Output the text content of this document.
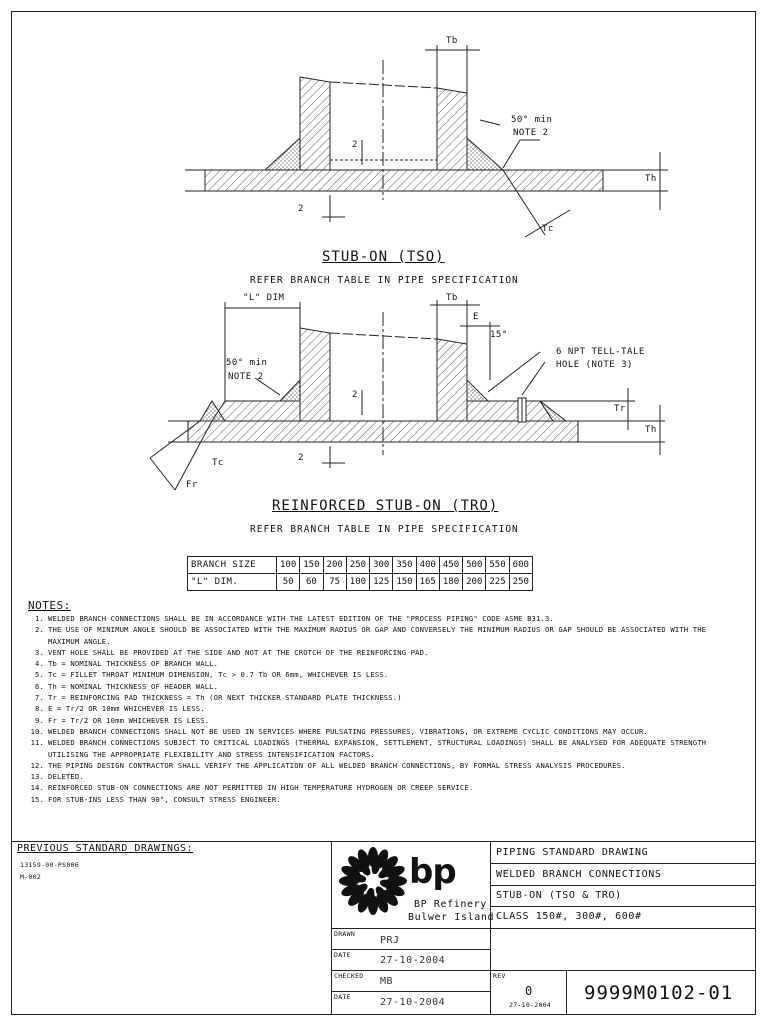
Tb
50° min
NOTE 2
2
2
Th
Tc
STUB-ON (TSO)
REFER BRANCH TABLE IN PIPE SPECIFICATION
"L" DIM	Tb
E
15°
6 NPT TELL-TALE
HOLE (NOTE 3)
50° min
NOTE 2
2
2
Tr
Th
Tc
Fr
REINFORCED STUB-ON (TRO)
REFER BRANCH TABLE IN PIPE SPECIFICATION
BRANCH SIZE	100	150	200	250	300	350	400	450	500	550	600
"L" DIM.	50	60	75	100	125	150	165	180	200	225	250
NOTES:
1. WELDED BRANCH CONNECTIONS SHALL BE IN ACCORDANCE WITH THE LATEST EDITION OF THE "PROCESS PIPING" CODE ASME B31.3.
2. THE USE OF MINIMUM ANGLE SHOULD BE ASSOCIATED WITH THE MAXIMUM RADIUS OR GAP AND CONVERSELY THE MINIMUM RADIUS OR GAP SHOULD BE ASSOCIATED WITH THE MAXIMUM ANGLE.
3. VENT HOLE SHALL BE PROVIDED AT THE SIDE AND NOT AT THE CROTCH OF THE REINFORCING PAD.
4. Tb = NOMINAL THICKNESS OF BRANCH WALL.
5. Tc = FILLET THROAT MINIMUM DIMENSION, Tc > 0.7 Tb OR 6mm, WHICHEVER IS LESS.
6. Th = NOMINAL THICKNESS OF HEADER WALL.
7. Tr = REINFORCING PAD THICKNESS = Th (OR NEXT THICKER STANDARD PLATE THICKNESS.)
8. E = Tr/2 OR 10mm WHICHEVER IS LESS.
9. Fr = Tr/2 OR 10mm WHICHEVER IS LESS.
10. WELDED BRANCH CONNECTIONS SHALL NOT BE USED IN SERVICES WHERE PULSATING PRESSURES, VIBRATIONS, OR EXTREME CYCLIC CONDITIONS MAY OCCUR.
11. WELDED BRANCH CONNECTIONS SUBJECT TO CRITICAL LOADINGS (THERMAL EXPANSION, SETTLEMENT, STRUCTURAL LOADINGS) SHALL BE ANALYSED FOR ADEQUATE STRENGTH UTILISING THE APPROPRIATE FLEXIBILITY AND STRESS INTENSIFICATION FACTORS.
12. THE PIPING DESIGN CONTRACTOR SHALL VERIFY THE APPLICATION OF ALL WELDED BRANCH CONNECTIONS, BY FORMAL STRESS ANALYSIS PROCEDURES.
13. DELETED.
14. REINFORCED STUB-ON CONNECTIONS ARE NOT PERMITTED IN HIGH TEMPERATURE HYDROGEN OR CREEP SERVICE.
15. FOR STUB-INS LESS THAN 90°, CONSULT STRESS ENGINEER.
PREVIOUS STANDARD DRAWINGS:
13159-00-PS006
M-002	bp
BP Refinery
Bulwer Island
PIPING STANDARD DRAWING
WELDED BRANCH CONNECTIONS
STUB-ON (TSO & TRO)
CLASS 150#, 300#, 600#
DRAWN
PRJ
DATE	27-10-2004
CHECKED MB
DATE	27-10-2004
REV
0
27-10-2004
9999M0102-01
